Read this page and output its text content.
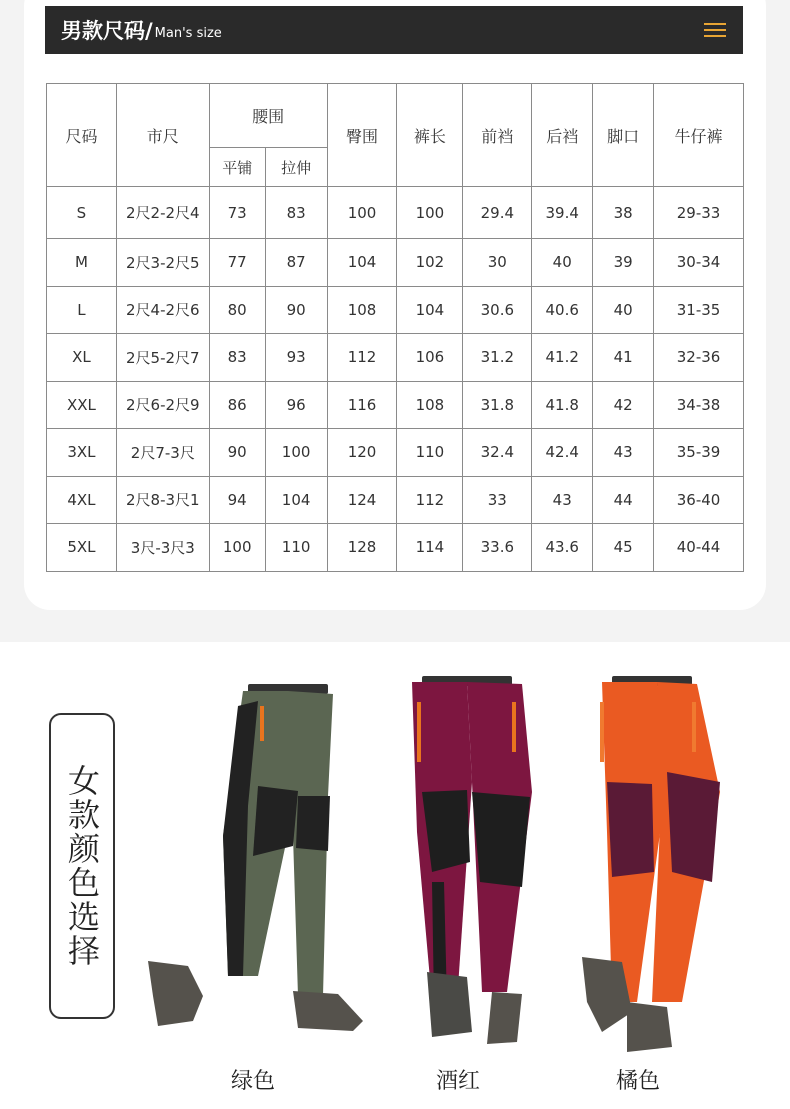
男款尺码/ Man's size
尺码	市尺	腰围		臀围	裤长	前裆	后裆	脚口	牛仔裤
		平铺	拉伸						
S	2尺2-2尺4	73	83	100	100	29.4	39.4	38	29-33
M	2尺3-2尺5	77	87	104	102	30	40	39	30-34
L	2尺4-2尺6	80	90	108	104	30.6	40.6	40	31-35
XL	2尺5-2尺7	83	93	112	106	31.2	41.2	41	32-36
XXL	2尺6-2尺9	86	96	116	108	31.8	41.8	42	34-38
3XL	2尺7-3尺	90	100	120	110	32.4	42.4	43	35-39
4XL	2尺8-3尺1	94	104	124	112	33	43	44	36-40
5XL	3尺-3尺3	100	110	128	114	33.6	43.6	45	40-44
女款颜色选择
绿色	酒红	橘色
